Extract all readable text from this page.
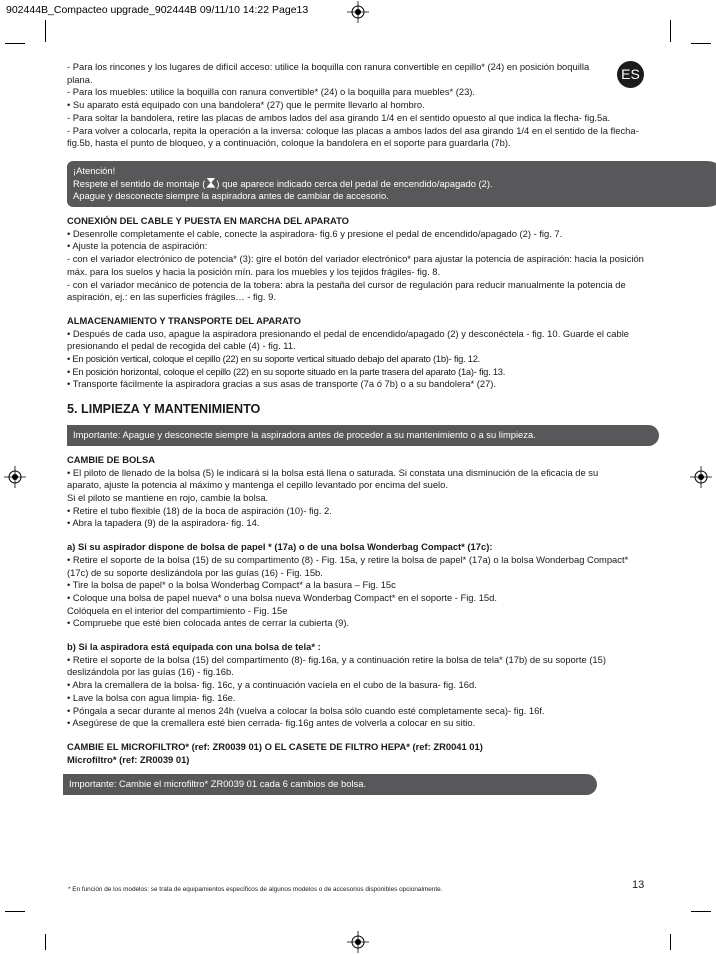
902444B_Compacteo upgrade_902444B 09/11/10 14:22 Page13
ES

- Para los rincones y los lugares de difícil acceso: utilice la boquilla con ranura convertible en cepillo* (24) en posición boquilla plana.

- Para los muebles: utilice la boquilla con ranura convertible* (24) o la boquilla para muebles* (23).

• Su aparato está equipado con una bandolera* (27) que le permite llevarlo al hombro.

- Para soltar la bandolera, retire las placas de ambos lados del asa girando 1/4 en el sentido opuesto al que indica la flecha- fig.5a.

- Para volver a colocarla, repita la operación a la inversa: coloque las placas a ambos lados del asa girando 1/4 en el sentido de la flecha- fig.5b, hasta el punto de bloqueo, y a continuación, coloque la bandolera en el soporte para guardarla (7b).

¡Atención!

Respete el sentido de montaje ( ) que aparece indicado cerca del pedal de encendido/apagado (2).

Apague y desconecte siempre la aspiradora antes de cambiar de accesorio.

CONEXIÓN DEL CABLE Y PUESTA EN MARCHA DEL APARATO

• Desenrolle completamente el cable, conecte la aspiradora- fig.6 y presione el pedal de encendido/apagado (2) - fig. 7.

• Ajuste la potencia de aspiración:

- con el variador electrónico de potencia* (3): gire el botón del variador electrónico* para ajustar la potencia de aspiración: hacia la posición máx. para los suelos y hacia la posición mín. para los muebles y los tejidos frágiles- fig. 8.

- con el variador mecánico de potencia de la tobera: abra la pestaña del cursor de regulación para reducir manualmente la potencia de aspiración, ej.: en las superficies frágiles… - fig. 9.

ALMACENAMIENTO Y TRANSPORTE DEL APARATO

• Después de cada uso, apague la aspiradora presionando el pedal de encendido/apagado (2) y desconéctela - fig. 10. Guarde el cable presionando el pedal de recogida del cable (4) - fig. 11.

• En posición vertical, coloque el cepillo (22) en su soporte vertical situado debajo del aparato (1b)- fig. 12.

• En posición horizontal, coloque el cepillo (22) en su soporte situado en la parte trasera del aparato (1a)- fig. 13.

• Transporte fácilmente la aspiradora gracias a sus asas de transporte (7a ó 7b) o a su bandolera* (27).

5. LIMPIEZA Y MANTENIMIENTO

Importante: Apague y desconecte siempre la aspiradora antes de proceder a su mantenimiento o a su limpieza.

CAMBIE DE BOLSA

• El piloto de llenado de la bolsa (5) le indicará si la bolsa está llena o saturada. Si constata una disminución de la eficacia de su aparato, ajuste la potencia al máximo y mantenga el cepillo levantado por encima del suelo.

Si el piloto se mantiene en rojo, cambie la bolsa.

• Retire el tubo flexible (18) de la boca de aspiración (10)- fig. 2.

• Abra la tapadera (9) de la aspiradora- fig. 14.

a) Si su aspirador dispone de bolsa de papel * (17a) o de una bolsa Wonderbag Compact* (17c):

• Retire el soporte de la bolsa (15) de su compartimento (8) - Fig. 15a, y retire la bolsa de papel* (17a) o la bolsa Wonderbag Compact* (17c) de su soporte deslizándola por las guías (16) - Fig. 15b.

• Tire la bolsa de papel* o la bolsa Wonderbag Compact* a la basura – Fig. 15c

• Coloque una bolsa de papel nueva* o una bolsa nueva Wonderbag Compact* en el soporte - Fig. 15d.

Colóquela en el interior del compartimiento - Fig. 15e

• Compruebe que esté bien colocada antes de cerrar la cubierta (9).

b) Si la aspiradora está equipada con una bolsa de tela* :

• Retire el soporte de la bolsa (15) del compartimento (8)- fig.16a, y a continuación retire la bolsa de tela* (17b) de su soporte (15) deslizándola por las guías (16) - fig.16b.

• Abra la cremallera de la bolsa- fig. 16c, y a continuación vacíela en el cubo de la basura- fig. 16d.

• Lave la bolsa con agua limpia- fig. 16e.

• Póngala a secar durante al menos 24h (vuelva a colocar la bolsa sólo cuando esté completamente seca)- fig. 16f.

• Asegúrese de que la cremallera esté bien cerrada- fig.16g antes de volverla a colocar en su sitio.

CAMBIE EL MICROFILTRO* (ref: ZR0039 01) O EL CASETE DE FILTRO HEPA* (ref: ZR0041 01)

Microfiltro* (ref: ZR0039 01)

Importante: Cambie el microfiltro* ZR0039 01 cada 6 cambios de bolsa.
* En función de los modelos: se trata de equipamientos específicos de algunos modelos o de accesorios disponibles opcionalmente.	13
